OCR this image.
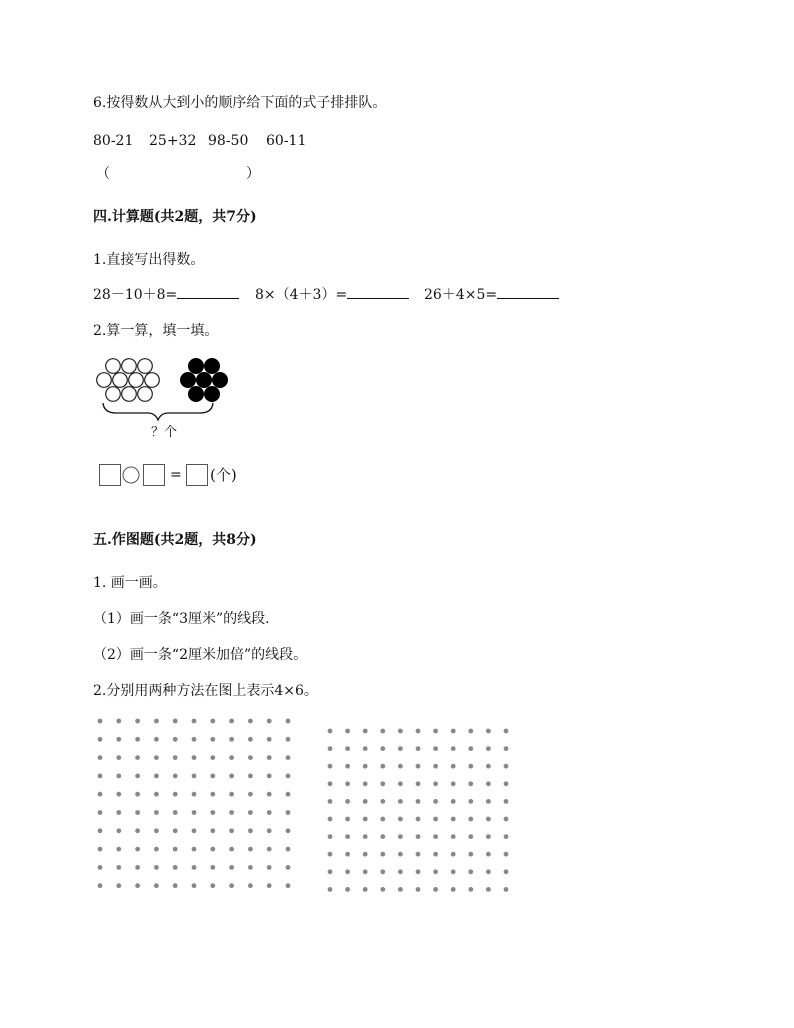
6.按得数从大到小的顺序给下面的式子排排队。
80-21 25+32 98-50 60-11
（	）
四.计算题(共2题，共7分)
1.直接写出得数。
28－10＋8=	8×（4＋3）=	26＋4×5=
2.算一算，填一填。
？个
= (个)
五.作图题(共2题，共8分)
1. 画一画。
（1）画一条“3厘米”的线段.
（2）画一条“2厘米加倍”的线段。
2.分别用两种方法在图上表示4×6。
